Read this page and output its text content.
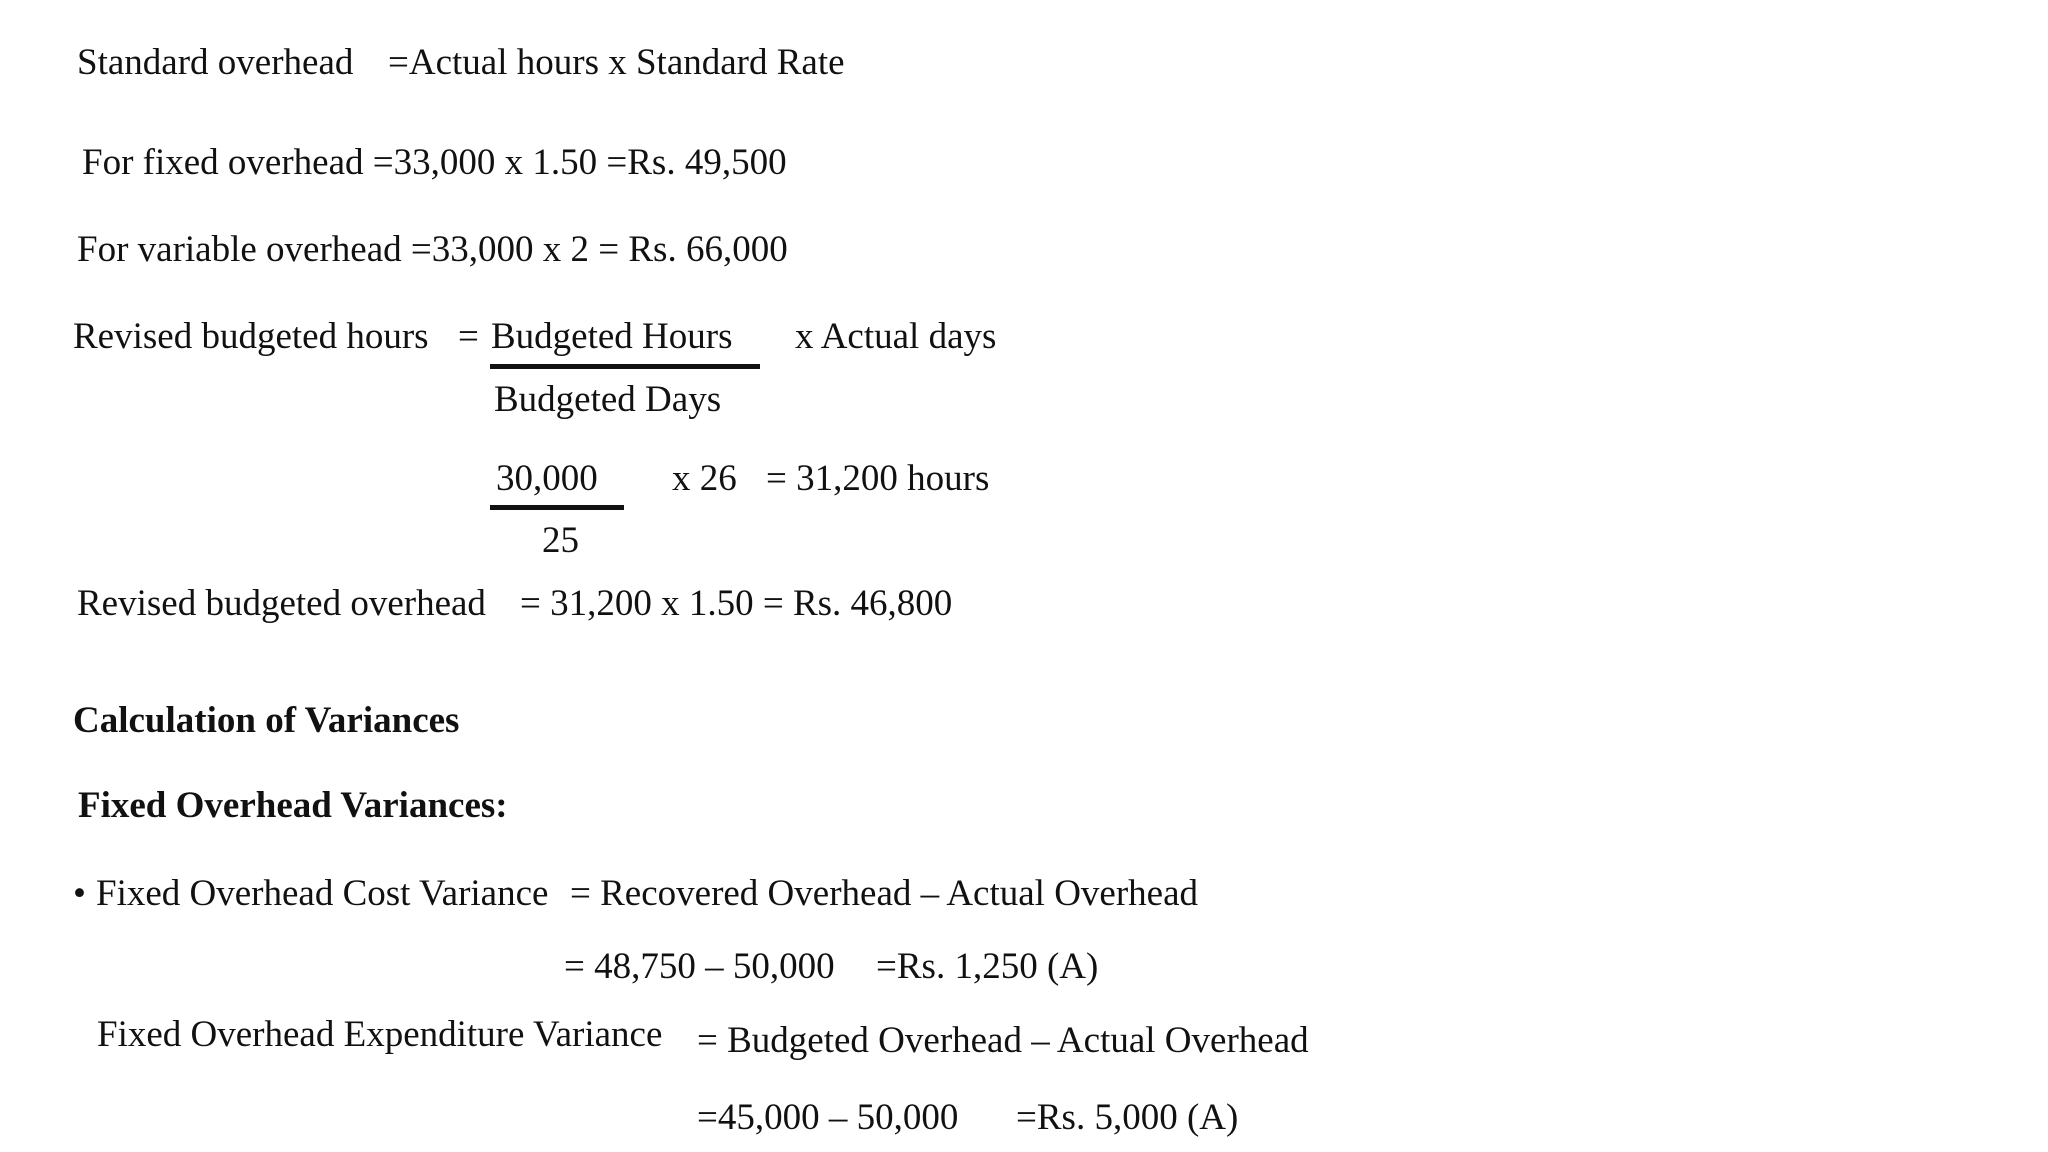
Standard overhead =Actual hours x Standard Rate
For fixed overhead =33,000 x 1.50 =Rs. 49,500
For variable overhead =33,000 x 2 = Rs. 66,000
Revised budgeted hours = Budgeted Hours x Actual days
Budgeted Days
30,000 x 26 = 31,200 hours
25
Revised budgeted overhead = 31,200 x 1.50 = Rs. 46,800
Calculation of Variances
Fixed Overhead Variances:
• Fixed Overhead Cost Variance = Recovered Overhead – Actual Overhead
= 48,750 – 50,000 =Rs. 1,250 (A)
Fixed Overhead Expenditure Variance = Budgeted Overhead – Actual Overhead
=45,000 – 50,000 =Rs. 5,000 (A)
